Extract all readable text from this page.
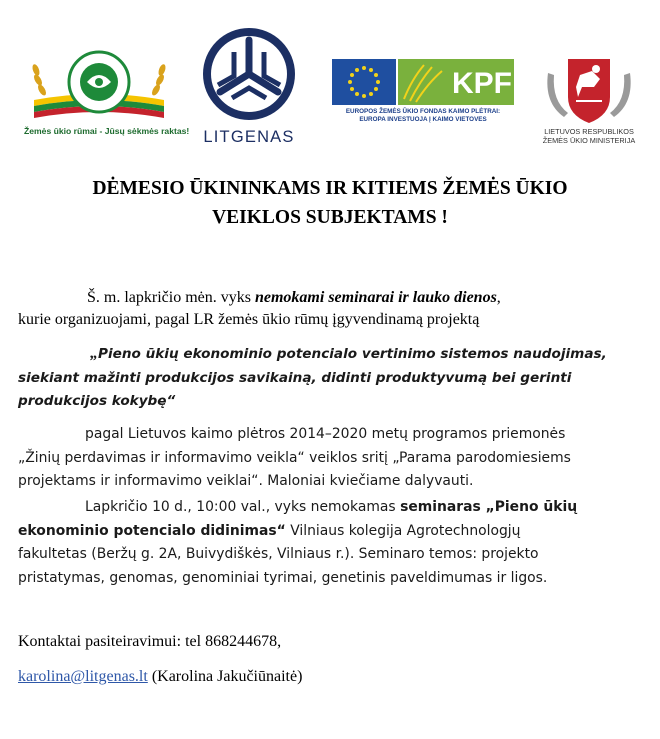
Žemės ūkio rūmai - Jūsų sėkmės raktas! LITGENAS
KPF
EUROPOS ŽEMĖS ŪKIO FONDAS KAIMO PLĖTRAI:
EUROPA INVESTUOJA Į KAIMO VIETOVES
LIETUVOS RESPUBLIKOS
ŽEMĖS ŪKIO MINISTERIJA
DĖMESIO ŪKININKAMS IR KITIEMS ŽEMĖS ŪKIO
VEIKLOS SUBJEKTAMS !
Š. m. lapkričio mėn. vyks nemokami seminarai ir lauko dienos,
kurie organizuojami, pagal LR žemės ūkio rūmų įgyvendinamą projektą
„Pieno ūkių ekonominio potencialo vertinimo sistemos naudojimas,
siekiant mažinti produkcijos savikainą, didinti produktyvumą bei gerinti
produkcijos kokybę“
pagal Lietuvos kaimo plėtros 2014–2020 metų programos priemonės
„Žinių perdavimas ir informavimo veikla“ veiklos sritį „Parama parodomiesiems
projektams ir informavimo veiklai“. Maloniai kviečiame dalyvauti.
Lapkričio 10 d., 10:00 val., vyks nemokamas seminaras „Pieno ūkių
ekonominio potencialo didinimas“ Vilniaus kolegija Agrotechnologjų
fakultetas (Beržų g. 2A, Buivydiškės, Vilniaus r.). Seminaro temos: projekto
pristatymas, genomas, genominiai tyrimai, genetinis paveldimumas ir ligos.
Kontaktai pasiteiravimui: tel 868244678,
karolina@litgenas.lt (Karolina Jakučiūnaitė)
